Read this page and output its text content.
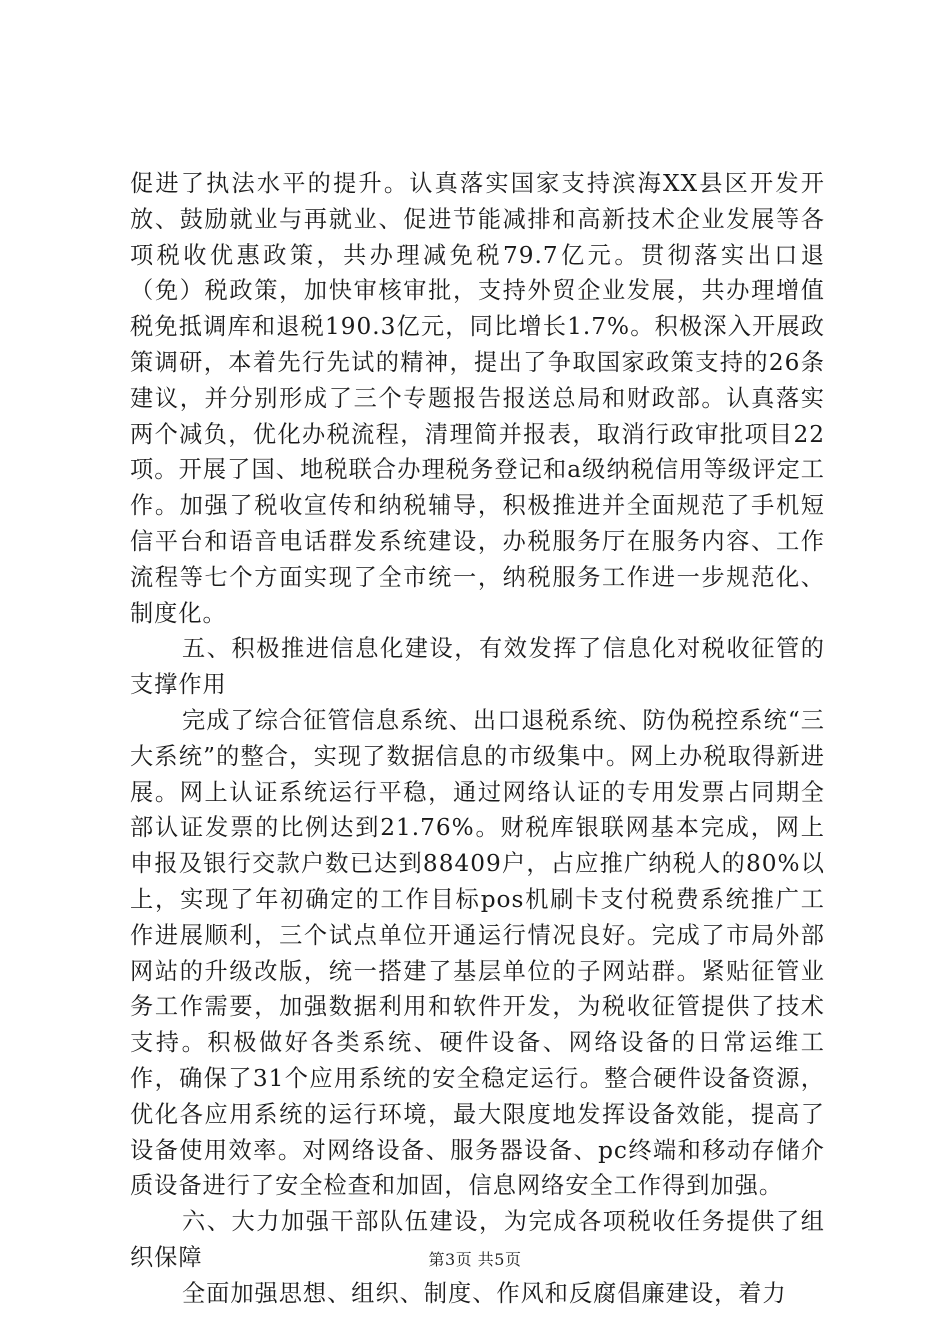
促进了执法水平的提升。认真落实国家支持滨海XX县区开发开放、鼓励就业与再就业、促进节能减排和高新技术企业发展等各项税收优惠政策，共办理减免税79.7亿元。贯彻落实出口退（免）税政策，加快审核审批，支持外贸企业发展，共办理增值税免抵调库和退税190.3亿元，同比增长1.7%。积极深入开展政策调研，本着先行先试的精神，提出了争取国家政策支持的26条建议，并分别形成了三个专题报告报送总局和财政部。认真落实两个减负，优化办税流程，清理简并报表，取消行政审批项目22项。开展了国、地税联合办理税务登记和a级纳税信用等级评定工作。加强了税收宣传和纳税辅导，积极推进并全面规范了手机短信平台和语音电话群发系统建设，办税服务厅在服务内容、工作流程等七个方面实现了全市统一，纳税服务工作进一步规范化、制度化。

五、积极推进信息化建设，有效发挥了信息化对税收征管的支撑作用

完成了综合征管信息系统、出口退税系统、防伪税控系统“三大系统”的整合，实现了数据信息的市级集中。网上办税取得新进展。网上认证系统运行平稳，通过网络认证的专用发票占同期全部认证发票的比例达到21.76%。财税库银联网基本完成，网上申报及银行交款户数已达到88409户，占应推广纳税人的80%以上，实现了年初确定的工作目标pos机刷卡支付税费系统推广工作进展顺利，三个试点单位开通运行情况良好。完成了市局外部网站的升级改版，统一搭建了基层单位的子网站群。紧贴征管业务工作需要，加强数据利用和软件开发，为税收征管提供了技术支持。积极做好各类系统、硬件设备、网络设备的日常运维工作，确保了31个应用系统的安全稳定运行。整合硬件设备资源，优化各应用系统的运行环境，最大限度地发挥设备效能，提高了设备使用效率。对网络设备、服务器设备、pc终端和移动存储介质设备进行了安全检查和加固，信息网络安全工作得到加强。

六、大力加强干部队伍建设，为完成各项税收任务提供了组织保障

全面加强思想、组织、制度、作风和反腐倡廉建设，着力

第3页 共5页
